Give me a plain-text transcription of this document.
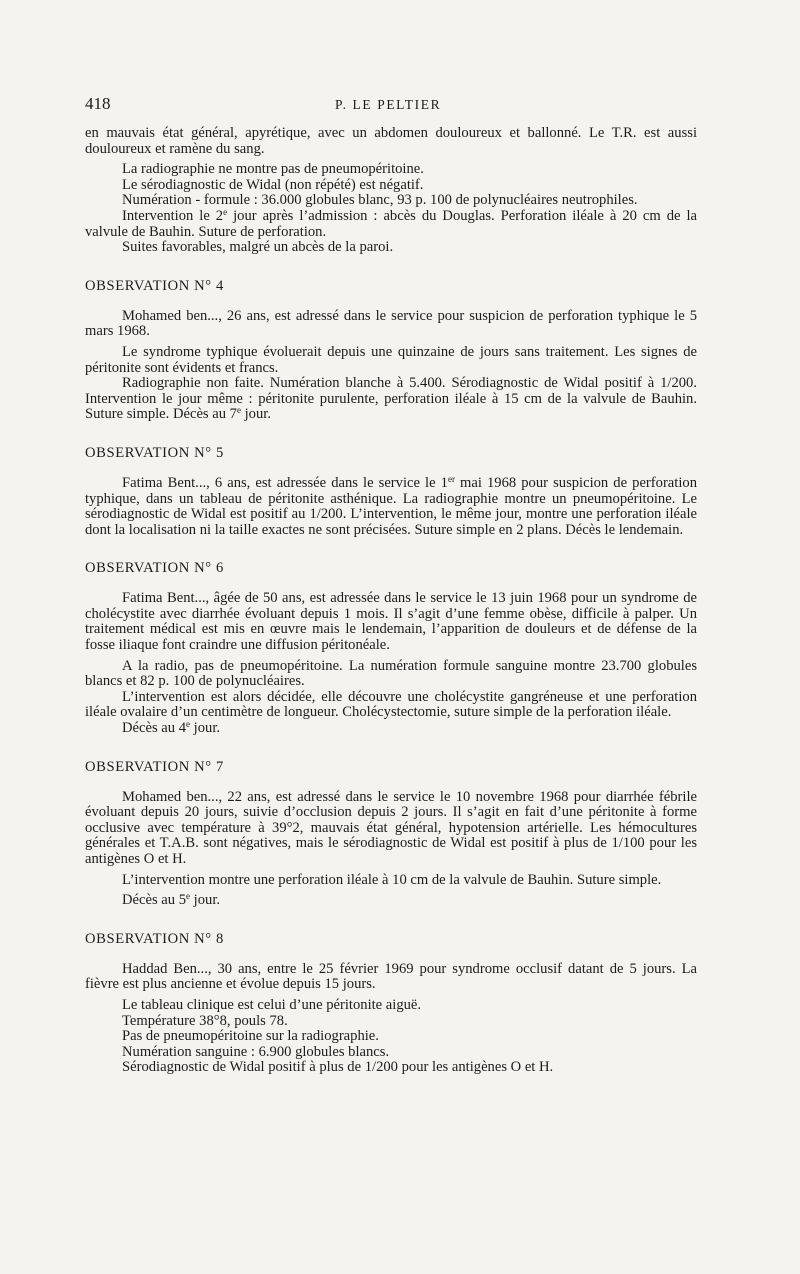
418	P. LE PELTIER

en mauvais état général, apyrétique, avec un abdomen douloureux et ballonné. Le T.R. est aussi douloureux et ramène du sang.

La radiographie ne montre pas de pneumopéritoine.

Le sérodiagnostic de Widal (non répété) est négatif.

Numération - formule : 36.000 globules blanc, 93 p. 100 de polynucléaires neutrophiles.

Intervention le 2e jour après l’admission : abcès du Douglas. Perforation iléale à 20 cm de la valvule de Bauhin. Suture de perforation.

Suites favorables, malgré un abcès de la paroi.

OBSERVATION N° 4

Mohamed ben..., 26 ans, est adressé dans le service pour suspicion de perforation typhique le 5 mars 1968.

Le syndrome typhique évoluerait depuis une quinzaine de jours sans traitement. Les signes de péritonite sont évidents et francs.

Radiographie non faite. Numération blanche à 5.400. Sérodiagnostic de Widal positif à 1/200. Intervention le jour même : péritonite purulente, perforation iléale à 15 cm de la valvule de Bauhin. Suture simple. Décès au 7e jour.

OBSERVATION N° 5

Fatima Bent..., 6 ans, est adressée dans le service le 1er mai 1968 pour suspicion de perforation typhique, dans un tableau de péritonite asthénique. La radiographie montre un pneumopéritoine. Le sérodiagnostic de Widal est positif au 1/200. L’intervention, le même jour, montre une perforation iléale dont la localisation ni la taille exactes ne sont précisées. Suture simple en 2 plans. Décès le lendemain.

OBSERVATION N° 6

Fatima Bent..., âgée de 50 ans, est adressée dans le service le 13 juin 1968 pour un syndrome de cholécystite avec diarrhée évoluant depuis 1 mois. Il s’agit d’une femme obèse, difficile à palper. Un traitement médical est mis en œuvre mais le lendemain, l’apparition de douleurs et de défense de la fosse iliaque font craindre une diffusion péritonéale.

A la radio, pas de pneumopéritoine. La numération formule sanguine montre 23.700 globules blancs et 82 p. 100 de polynucléaires.

L’intervention est alors décidée, elle découvre une cholécystite gangréneuse et une perforation iléale ovalaire d’un centimètre de longueur. Cholécystectomie, suture simple de la perforation iléale.

Décès au 4e jour.

OBSERVATION N° 7

Mohamed ben..., 22 ans, est adressé dans le service le 10 novembre 1968 pour diarrhée fébrile évoluant depuis 20 jours, suivie d’occlusion depuis 2 jours. Il s’agit en fait d’une péritonite à forme occlusive avec température à 39°2, mauvais état général, hypotension artérielle. Les hémocultures générales et T.A.B. sont négatives, mais le sérodiagnostic de Widal est positif à plus de 1/100 pour les antigènes O et H.

L’intervention montre une perforation iléale à 10 cm de la valvule de Bauhin. Suture simple.

Décès au 5e jour.

OBSERVATION N° 8

Haddad Ben..., 30 ans, entre le 25 février 1969 pour syndrome occlusif datant de 5 jours. La fièvre est plus ancienne et évolue depuis 15 jours.

Le tableau clinique est celui d’une péritonite aiguë.

Température 38°8, pouls 78.

Pas de pneumopéritoine sur la radiographie.

Numération sanguine : 6.900 globules blancs.

Sérodiagnostic de Widal positif à plus de 1/200 pour les antigènes O et H.
